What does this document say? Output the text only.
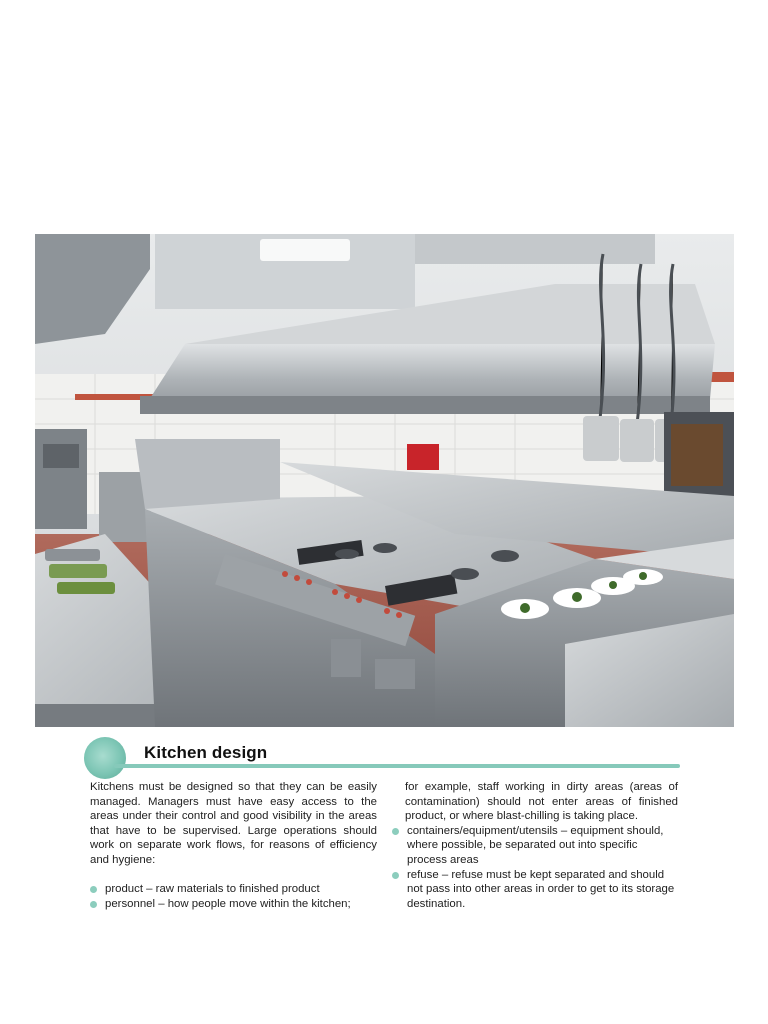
Kitchen design

Kitchens must be designed so that they can be easily managed. Managers must have easy access to the areas under their control and good visibility in the areas that have to be supervised. Large operations should work on separate work flows, for reasons of efficiency and hygiene:

product – raw materials to finished product
personnel – how people move within the kitchen;

for example, staff working in dirty areas (areas of contamination) should not enter areas of finished product, or where blast-chilling is taking place.

containers/equipment/utensils – equipment should, where possible, be separated out into specific process areas
refuse – refuse must be kept separated and should not pass into other areas in order to get to its storage destination.
